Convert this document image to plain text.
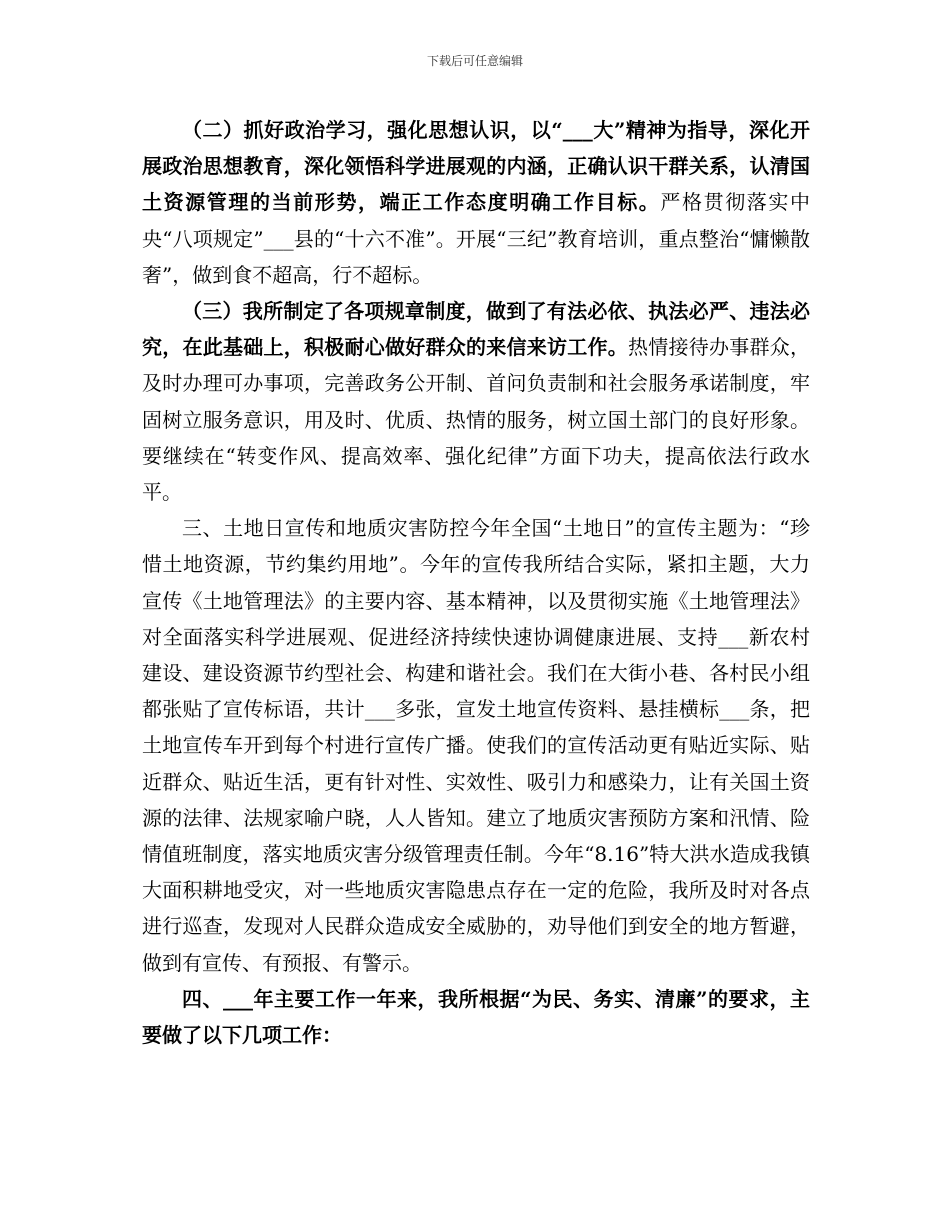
下载后可任意编辑

（二）抓好政治学习，强化思想认识，以“___大”精神为指导，深化开展政治思想教育，深化领悟科学进展观的内涵，正确认识干群关系，认清国土资源管理的当前形势，端正工作态度明确工作目标。严格贯彻落实中央“八项规定”___县的“十六不准”。开展“三纪”教育培训，重点整治“慵懒散奢”，做到食不超高，行不超标。

（三）我所制定了各项规章制度，做到了有法必依、执法必严、违法必究，在此基础上，积极耐心做好群众的来信来访工作。热情接待办事群众，及时办理可办事项，完善政务公开制、首问负责制和社会服务承诺制度，牢固树立服务意识，用及时、优质、热情的服务，树立国土部门的良好形象。要继续在“转变作风、提高效率、强化纪律”方面下功夫，提高依法行政水平。

三、土地日宣传和地质灾害防控今年全国“土地日”的宣传主题为：“珍惜土地资源，节约集约用地”。今年的宣传我所结合实际，紧扣主题，大力宣传《土地管理法》的主要内容、基本精神，以及贯彻实施《土地管理法》对全面落实科学进展观、促进经济持续快速协调健康进展、支持___新农村建设、建设资源节约型社会、构建和谐社会。我们在大街小巷、各村民小组都张贴了宣传标语，共计___多张，宣发土地宣传资料、悬挂横标___条，把土地宣传车开到每个村进行宣传广播。使我们的宣传活动更有贴近实际、贴近群众、贴近生活，更有针对性、实效性、吸引力和感染力，让有关国土资源的法律、法规家喻户晓，人人皆知。建立了地质灾害预防方案和汛情、险情值班制度，落实地质灾害分级管理责任制。今年“8.16”特大洪水造成我镇大面积耕地受灾，对一些地质灾害隐患点存在一定的危险，我所及时对各点进行巡查，发现对人民群众造成安全威胁的，劝导他们到安全的地方暂避，做到有宣传、有预报、有警示。

四、___年主要工作一年来，我所根据“为民、务实、清廉”的要求，主要做了以下几项工作：
